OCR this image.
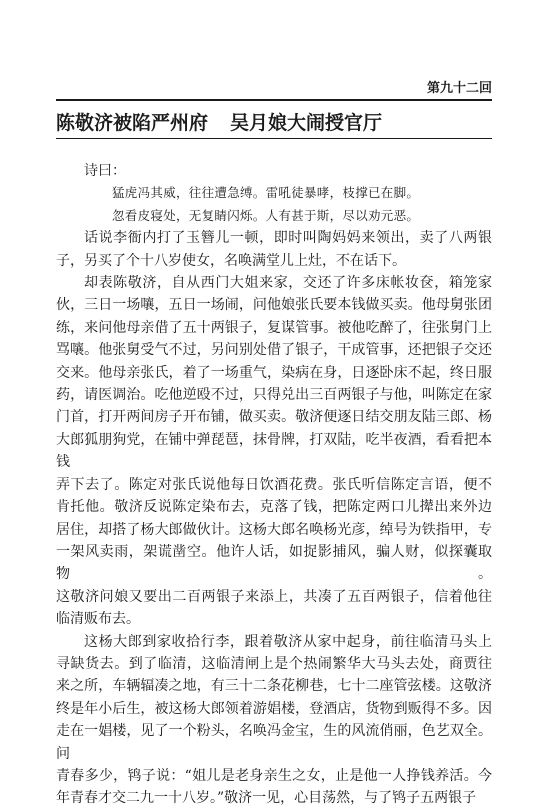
第九十二回
陈敬济被陷严州府 吴月娘大闹授官厅
诗曰：
猛虎冯其威，往往遭急缚。雷吼徒暴哮，枝撑已在脚。
忽看皮寝处，无复睛闪烁。人有甚于斯，尽以劝元恶。
话说李衙内打了玉簪儿一顿，即时叫陶妈妈来领出，卖了八两银
子，另买了个十八岁使女，名唤满堂儿上灶，不在话下。
却表陈敬济，自从西门大姐来家，交还了许多床帐妆奁，箱笼家
伙，三日一场嚷，五日一场闹，问他娘张氏要本钱做买卖。他母舅张团
练，来问他母亲借了五十两银子，复谋管事。被他吃醉了，往张舅门上
骂嚷。他张舅受气不过，另问别处借了银子，干成管事，还把银子交还
交来。他母亲张氏，着了一场重气，染病在身，日逐卧床不起，终日服
药，请医调治。吃他逆殴不过，只得兑出三百两银子与他，叫陈定在家
门首，打开两间房子开布铺，做买卖。敬济便逐日结交朋友陆三郎、杨
大郎狐朋狗党，在铺中弹琵琶，抹骨牌，打双陆，吃半夜酒，看看把本钱
弄下去了。陈定对张氏说他每日饮酒花费。张氏听信陈定言语，便不
肯托他。敬济反说陈定染布去，克落了钱，把陈定两口儿撵出来外边
居住，却搭了杨大郎做伙计。这杨大郎名唤杨光彦，绰号为铁指甲，专
一架风卖雨，架谎凿空。他许人话，如捉影捕风，骗人财，似探囊取物。
这敬济问娘又要出二百两银子来添上，共凑了五百两银子，信着他往
临清贩布去。
这杨大郎到家收拾行李，跟着敬济从家中起身，前往临清马头上
寻缺货去。到了临清，这临清闸上是个热闹繁华大马头去处，商贾往
来之所，车辆辐凑之地，有三十二条花柳巷，七十二座管弦楼。这敬济
终是年小后生，被这杨大郎领着游娼楼，登酒店，货物到贩得不多。因
走在一娼楼，见了一个粉头，名唤冯金宝，生的风流俏丽，色艺双全。问
青春多少，鸨子说：“姐儿是老身亲生之女，止是他一人挣钱养活。今
年青春才交二九一十八岁。”敬济一见，心目荡然，与了鸨子五两银子
